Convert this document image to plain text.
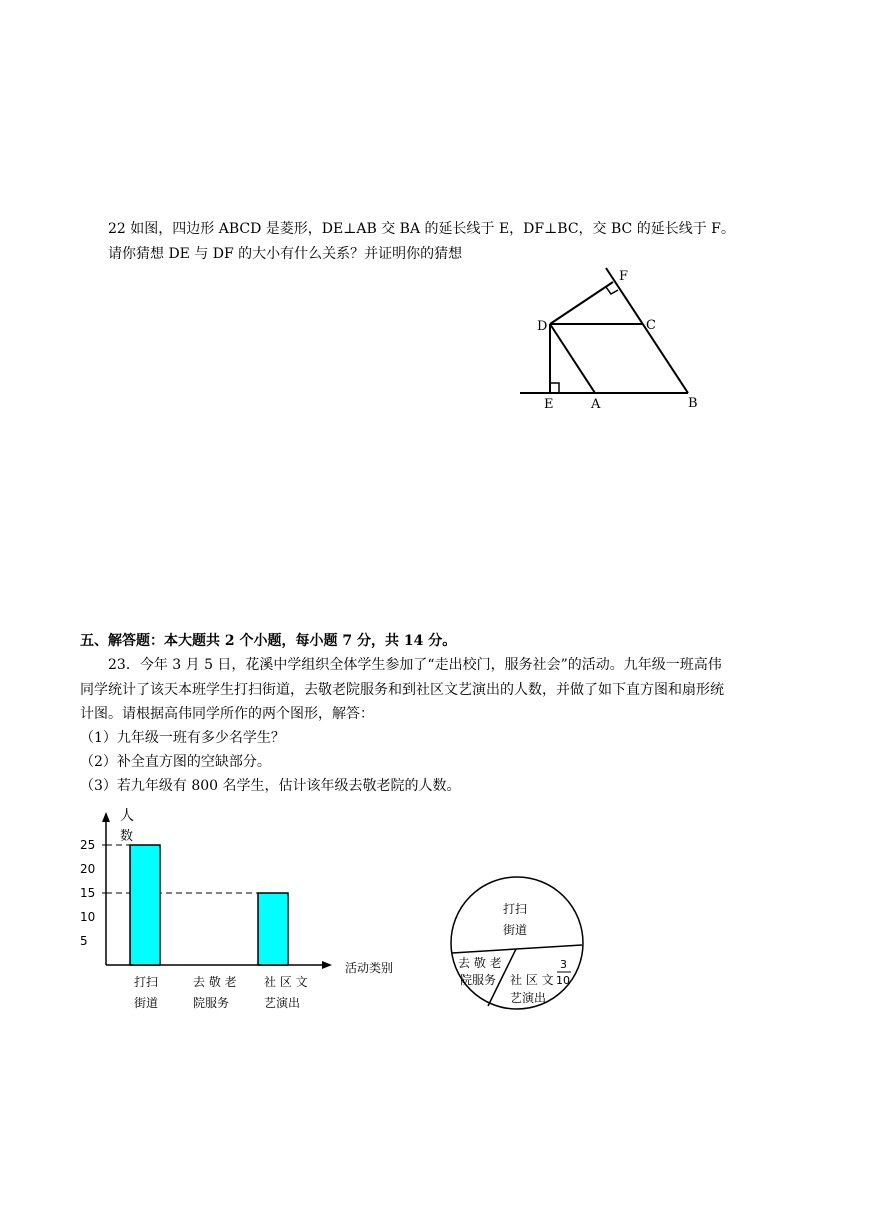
22 如图，四边形 ABCD 是菱形，DE⊥AB 交 BA 的延长线于 E，DF⊥BC，交 BC 的延长线于 F。
请你猜想 DE 与 DF 的大小有什么关系？并证明你的猜想
F
D	C
E	A	B
五、解答题：本大题共 2 个小题，每小题 7 分，共 14 分。
23．今年 3 月 5 日，花溪中学组织全体学生参加了“走出校门，服务社会”的活动。九年级一班高伟
同学统计了该天本班学生打扫街道，去敬老院服务和到社区文艺演出的人数，并做了如下直方图和扇形统
计图。请根据高伟同学所作的两个图形，解答：
（1）九年级一班有多少名学生？
（2）补全直方图的空缺部分。
（3）若九年级有 800 名学生，估计该年级去敬老院的人数。
人
数
活动类别
5
10
15
20
25
打扫
街道
去 敬 老
院服务
社 区 文
艺演出
打扫
街道
去 敬 老
院服务 社 区 文
艺演出
3
10
